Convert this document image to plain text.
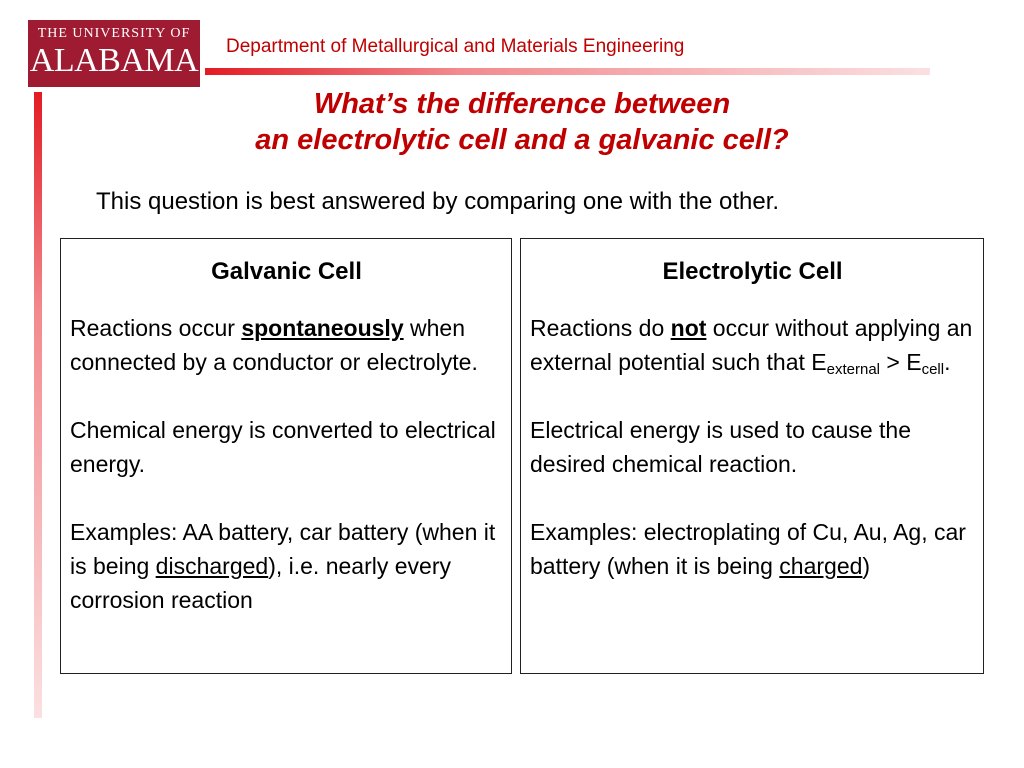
THE UNIVERSITY OF
ALABAMA Department of Metallurgical and Materials Engineering
What’s the difference between
an electrolytic cell and a galvanic cell?
This question is best answered by comparing one with the other.
Galvanic Cell

Reactions occur spontaneously when connected by a conductor or electrolyte.

Chemical energy is converted to electrical energy.

Examples: AA battery, car battery (when it is being discharged), i.e. nearly every corrosion reaction

Electrolytic Cell

Reactions do not occur without applying an external potential such that $E_{external} > E_{cell}$.

Electrical energy is used to cause the desired chemical reaction.

Examples: electroplating of Cu, Au, Ag, car battery (when it is being charged)
